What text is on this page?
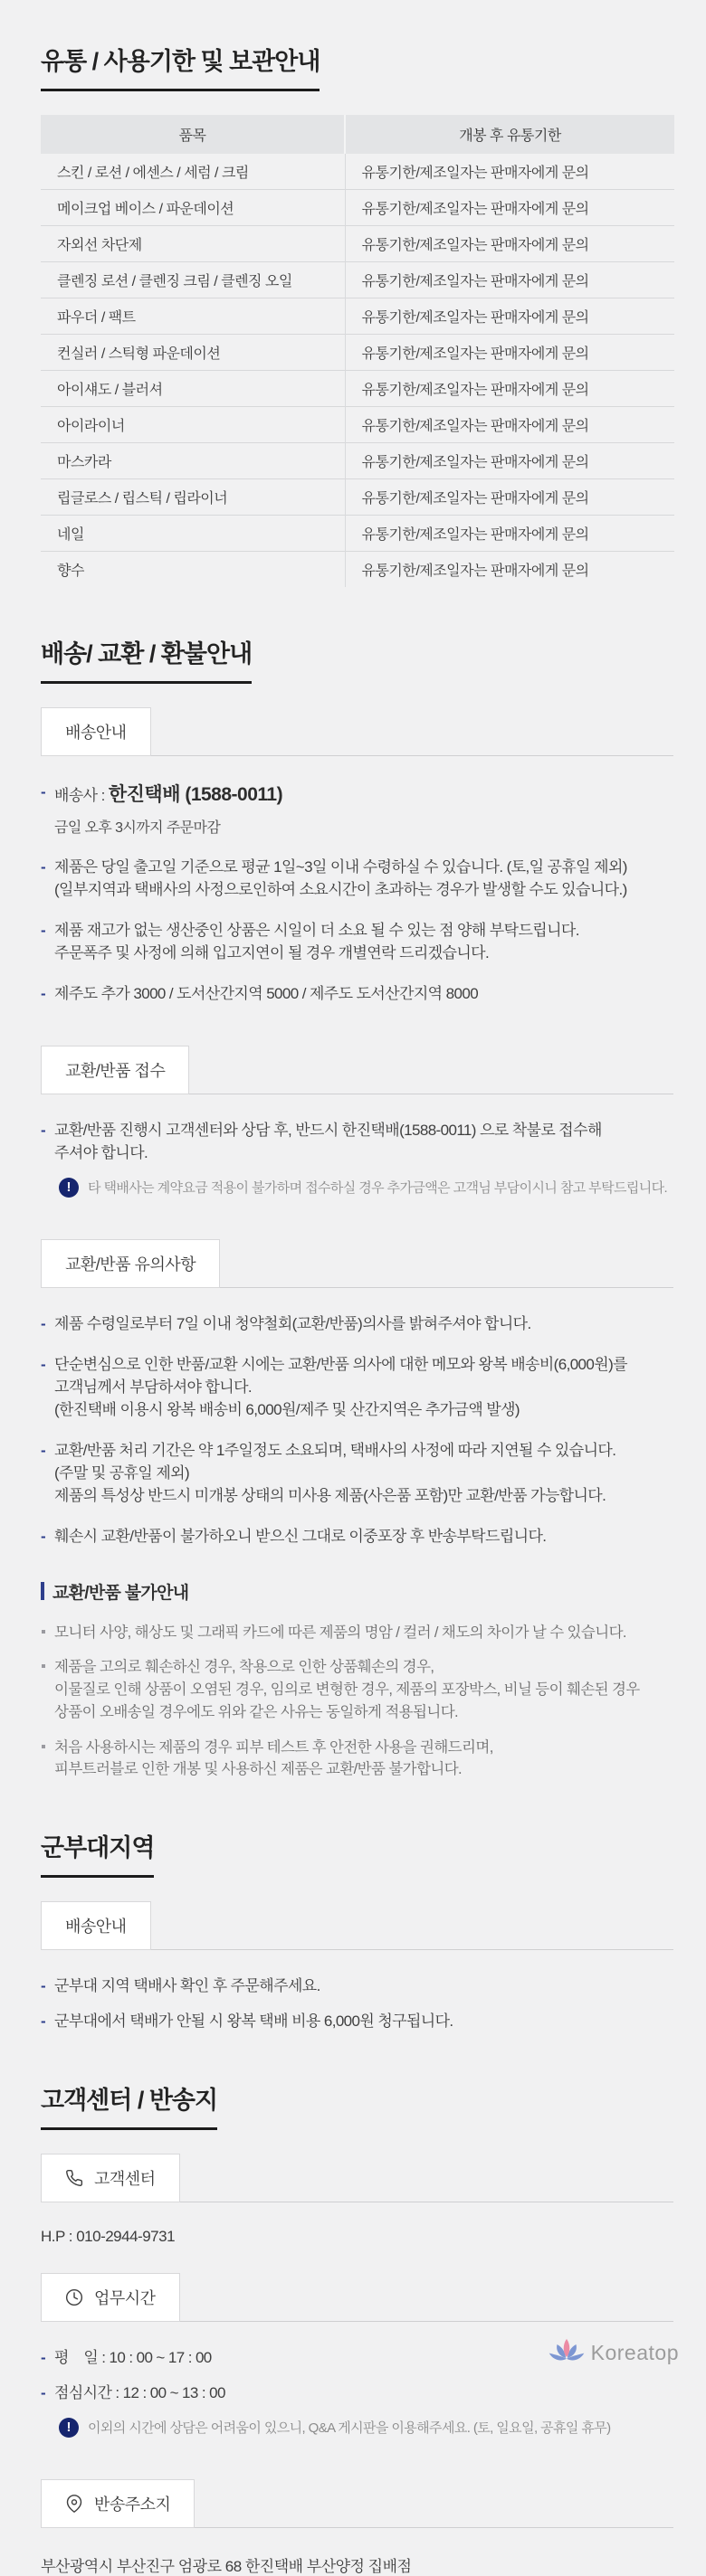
유통 / 사용기한 및 보관안내
품목	개봉 후 유통기한
스킨 / 로션 / 에센스 / 세럼 / 크림	유통기한/제조일자는 판매자에게 문의
메이크업 베이스 / 파운데이션	유통기한/제조일자는 판매자에게 문의
자외선 차단제	유통기한/제조일자는 판매자에게 문의
클렌징 로션 / 클렌징 크림 / 클렌징 오일	유통기한/제조일자는 판매자에게 문의
파우더 / 팩트	유통기한/제조일자는 판매자에게 문의
컨실러 / 스틱형 파운데이션	유통기한/제조일자는 판매자에게 문의
아이섀도 / 블러셔	유통기한/제조일자는 판매자에게 문의
아이라이너	유통기한/제조일자는 판매자에게 문의
마스카라	유통기한/제조일자는 판매자에게 문의
립글로스 / 립스틱 / 립라이너	유통기한/제조일자는 판매자에게 문의
네일	유통기한/제조일자는 판매자에게 문의
향수	유통기한/제조일자는 판매자에게 문의
배송/ 교환 / 환불안내
배송안내
- 배송사 : 한진택배 (1588-0011)

금일 오후 3시까지 주문마감

- 제품은 당일 출고일 기준으로 평균 1일~3일 이내 수령하실 수 있습니다. (토,일 공휴일 제외)

(일부지역과 택배사의 사정으로인하여 소요시간이 초과하는 경우가 발생할 수도 있습니다.)

- 제품 재고가 없는 생산중인 상품은 시일이 더 소요 될 수 있는 점 양해 부탁드립니다.

주문폭주 및 사정에 의해 입고지연이 될 경우 개별연락 드리겠습니다.

- 제주도 추가 3000 / 도서산간지역 5000 / 제주도 도서산간지역 8000

교환/반품 접수
- 교환/반품 진행시 고객센터와 상담 후, 반드시 한진택배(1588-0011) 으로 착불로 접수해

주셔야 합니다.

!	타 택배사는 계약요금 적용이 불가하며 접수하실 경우 추가금액은 고객님 부담이시니 참고 부탁드립니다.

교환/반품 유의사항
- 제품 수령일로부터 7일 이내 청약철회(교환/반품)의사를 밝혀주셔야 합니다.

- 단순변심으로 인한 반품/교환 시에는 교환/반품 의사에 대한 메모와 왕복 배송비(6,000원)를

고객님께서 부담하셔야 합니다.

(한진택배 이용시 왕복 배송비 6,000원/제주 및 산간지역은 추가금액 발생)

- 교환/반품 처리 기간은 약 1주일정도 소요되며, 택배사의 사정에 따라 지연될 수 있습니다.

(주말 및 공휴일 제외)

제품의 특성상 반드시 미개봉 상태의 미사용 제품(사은품 포함)만 교환/반품 가능합니다.

- 훼손시 교환/반품이 불가하오니 받으신 그대로 이중포장 후 반송부탁드립니다.

교환/반품 불가안내

모니터 사양, 해상도 및 그래픽 카드에 따른 제품의 명암 / 컬러 / 채도의 차이가 날 수 있습니다.

제품을 고의로 훼손하신 경우, 착용으로 인한 상품훼손의 경우,

이물질로 인해 상품이 오염된 경우, 임의로 변형한 경우, 제품의 포장박스, 비닐 등이 훼손된 경우

상품이 오배송일 경우에도 위와 같은 사유는 동일하게 적용됩니다.

처음 사용하시는 제품의 경우 피부 테스트 후 안전한 사용을 권해드리며,

피부트러블로 인한 개봉 및 사용하신 제품은 교환/반품 불가합니다.

군부대지역
배송안내
- 군부대 지역 택배사 확인 후 주문해주세요.

- 군부대에서 택배가 안될 시 왕복 택배 비용 6,000원 청구됩니다.

고객센터 / 반송지
고객센터

H.P : 010-2944-9731

업무시간
- 평    일 : 10 : 00 ~ 17 : 00

- 점심시간 : 12 : 00 ~ 13 : 00

!	이외의 시간에 상담은 어려움이 있으니, Q&A 게시판을 이용해주세요. (토, 일요일, 공휴일 휴무)

반송주소지

부산광역시 부산진구 엄광로 68 한진택배 부산양정 집배점

Koreatop
